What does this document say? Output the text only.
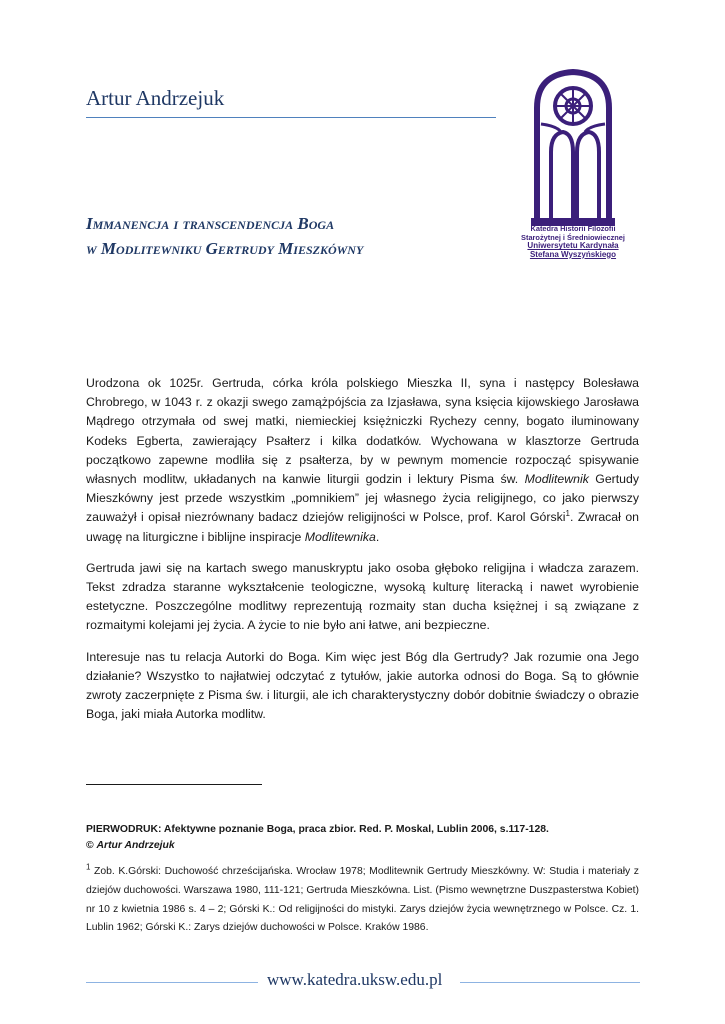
Artur Andrzejuk
Katedra Historii Filozofii
Starożytnej i Średniowiecznej
Uniwersytetu Kardynała
Stefana Wyszyńskiego
Immanencja i transcendencja Boga
w Modlitewniku Gertrudy Mieszkówny

Urodzona ok 1025r. Gertruda, córka króla polskiego Mieszka II, syna i następcy Bolesława Chrobrego, w 1043 r. z okazji swego zamążpójścia za Izjasława, syna księcia kijowskiego Jarosława Mądrego otrzymała od swej matki, niemieckiej księżniczki Rychezy cenny, bogato iluminowany Kodeks Egberta, zawierający Psałterz i kilka dodatków. Wychowana w klasztorze Gertruda początkowo zapewne modliła się z psałterza, by w pewnym momencie rozpocząć spisywanie własnych modlitw, układanych na kanwie liturgii godzin i lektury Pisma św. Modlitewnik Gertudy Mieszkówny jest przede wszystkim „pomnikiem” jej własnego życia religijnego, co jako pierwszy zauważył i opisał niezrównany badacz dziejów religijności w Polsce, prof. Karol Górski$^1$. Zwracał on uwagę na liturgiczne i biblijne inspiracje Modlitewnika.

Gertruda jawi się na kartach swego manuskryptu jako osoba głęboko religijna i władcza zarazem. Tekst zdradza staranne wykształcenie teologiczne, wysoką kulturę literacką i nawet wyrobienie estetyczne. Poszczególne modlitwy reprezentują rozmaity stan ducha księżnej i są związane z rozmaitymi kolejami jej życia. A życie to nie było ani łatwe, ani bezpieczne.

Interesuje nas tu relacja Autorki do Boga. Kim więc jest Bóg dla Gertrudy? Jak rozumie ona Jego działanie? Wszystko to najłatwiej odczytać z tytułów, jakie autorka odnosi do Boga. Są to głównie zwroty zaczerpnięte z Pisma św. i liturgii, ale ich charakterystyczny dobór dobitnie świadczy o obrazie Boga, jaki miała Autorka modlitw.

PIERWODRUK: Afektywne poznanie Boga, praca zbior. Red. P. Moskal, Lublin 2006, s.117-128.
© Artur Andrzejuk
$^1$ Zob. K.Górski: Duchowość chrześcijańska. Wrocław 1978; Modlitewnik Gertrudy Mieszkówny. W: Studia i materiały z dziejów duchowości. Warszawa 1980, 111-121; Gertruda Mieszkówna. List. (Pismo wewnętrzne Duszpasterstwa Kobiet) nr 10 z kwietnia 1986 s. 4 – 2; Górski K.: Od religijności do mistyki. Zarys dziejów życia wewnętrznego w Polsce. Cz. 1. Lublin 1962; Górski K.: Zarys dziejów duchowości w Polsce. Kraków 1986.
www.katedra.uksw.edu.pl
